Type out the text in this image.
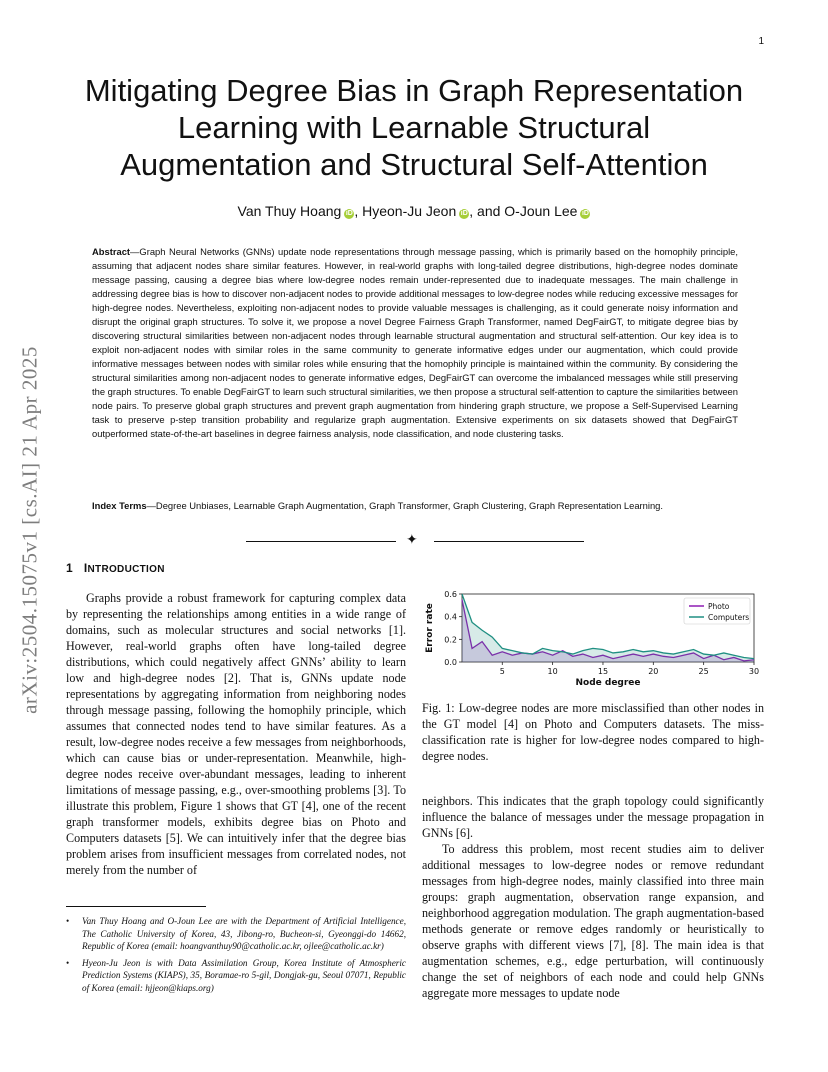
1
arXiv:2504.15075v1 [cs.AI] 21 Apr 2025
Mitigating Degree Bias in Graph Representation
Learning with Learnable Structural
Augmentation and Structural Self-Attention
Van Thuy Hoang iD , Hyeon-Ju Jeon iD , and O-Joun Lee iD
Abstract—Graph Neural Networks (GNNs) update node representations through message passing, which is primarily based on the homophily principle, assuming that adjacent nodes share similar features. However, in real-world graphs with long-tailed degree distributions, high-degree nodes dominate message passing, causing a degree bias where low-degree nodes remain under-represented due to inadequate messages. The main challenge in addressing degree bias is how to discover non-adjacent nodes to provide additional messages to low-degree nodes while reducing excessive messages for high-degree nodes. Nevertheless, exploiting non-adjacent nodes to provide valuable messages is challenging, as it could generate noisy information and disrupt the original graph structures. To solve it, we propose a novel Degree Fairness Graph Transformer, named DegFairGT, to mitigate degree bias by discovering structural similarities between non-adjacent nodes through learnable structural augmentation and structural self-attention. Our key idea is to exploit non-adjacent nodes with similar roles in the same community to generate informative edges under our augmentation, which could provide informative messages between nodes with similar roles while ensuring that the homophily principle is maintained within the community. By considering the structural similarities among non-adjacent nodes to generate informative edges, DegFairGT can overcome the imbalanced messages while still preserving the graph structures. To enable DegFairGT to learn such structural similarities, we then propose a structural self-attention to capture the similarities between node pairs. To preserve global graph structures and prevent graph augmentation from hindering graph structure, we propose a Self-Supervised Learning task to preserve p-step transition probability and regularize graph augmentation. Extensive experiments on six datasets showed that DegFairGT outperformed state-of-the-art baselines in degree fairness analysis, node classification, and node clustering tasks.
Index Terms—Degree Unbiases, Learnable Graph Augmentation, Graph Transformer, Graph Clustering, Graph Representation Learning.
✦
1 INTRODUCTION

Graphs provide a robust framework for capturing complex data by representing the relationships among entities in a wide range of domains, such as molecular structures and social networks [1]. However, real-world graphs often have long-tailed degree distributions, which could negatively affect GNNs’ ability to learn low and high-degree nodes [2]. That is, GNNs update node representations by aggregating information from neighboring nodes through message passing, following the homophily principle, which assumes that connected nodes tend to have similar features. As a result, low-degree nodes receive a few messages from neighborhoods, which can cause bias or under-representation. Meanwhile, high-degree nodes receive over-abundant messages, leading to inherent limitations of message passing, e.g., over-smoothing problems [3]. To illustrate this problem, Figure 1 shows that GT [4], one of the recent graph transformer models, exhibits degree bias on Photo and Computers datasets [5]. We can intuitively infer that the degree bias problem arises from insufficient messages from correlated nodes, not merely from the number of

• Van Thuy Hoang and O-Joun Lee are with the Department of Artificial Intelligence, The Catholic University of Korea, 43, Jibong-ro, Bucheon-si, Gyeonggi-do 14662, Republic of Korea (email: hoangvanthuy90@catholic.ac.kr, ojlee@catholic.ac.kr)
• Hyeon-Ju Jeon is with Data Assimilation Group, Korea Institute of Atmospheric Prediction Systems (KIAPS), 35, Boramae-ro 5-gil, Dongjak-gu, Seoul 07071, Republic of Korea (email: hjjeon@kiaps.org)
5	10	15	20	25	30
0.0
0.2
0.4
0.6
Node degree
Error rate	Photo
Computers
Fig. 1: Low-degree nodes are more misclassified than other nodes in the GT model [4] on Photo and Computers datasets. The miss-classification rate is higher for low-degree nodes compared to high-degree nodes.

neighbors. This indicates that the graph topology could significantly influence the balance of messages under the message propagation in GNNs [6].

To address this problem, most recent studies aim to deliver additional messages to low-degree nodes or remove redundant messages from high-degree nodes, mainly classified into three main groups: graph augmentation, observation range expansion, and neighborhood aggregation modulation. The graph augmentation-based methods generate or remove edges randomly or heuristically to observe graphs with different views [7], [8]. The main idea is that augmentation schemes, e.g., edge perturbation, will continuously change the set of neighbors of each node and could help GNNs aggregate more messages to update node
